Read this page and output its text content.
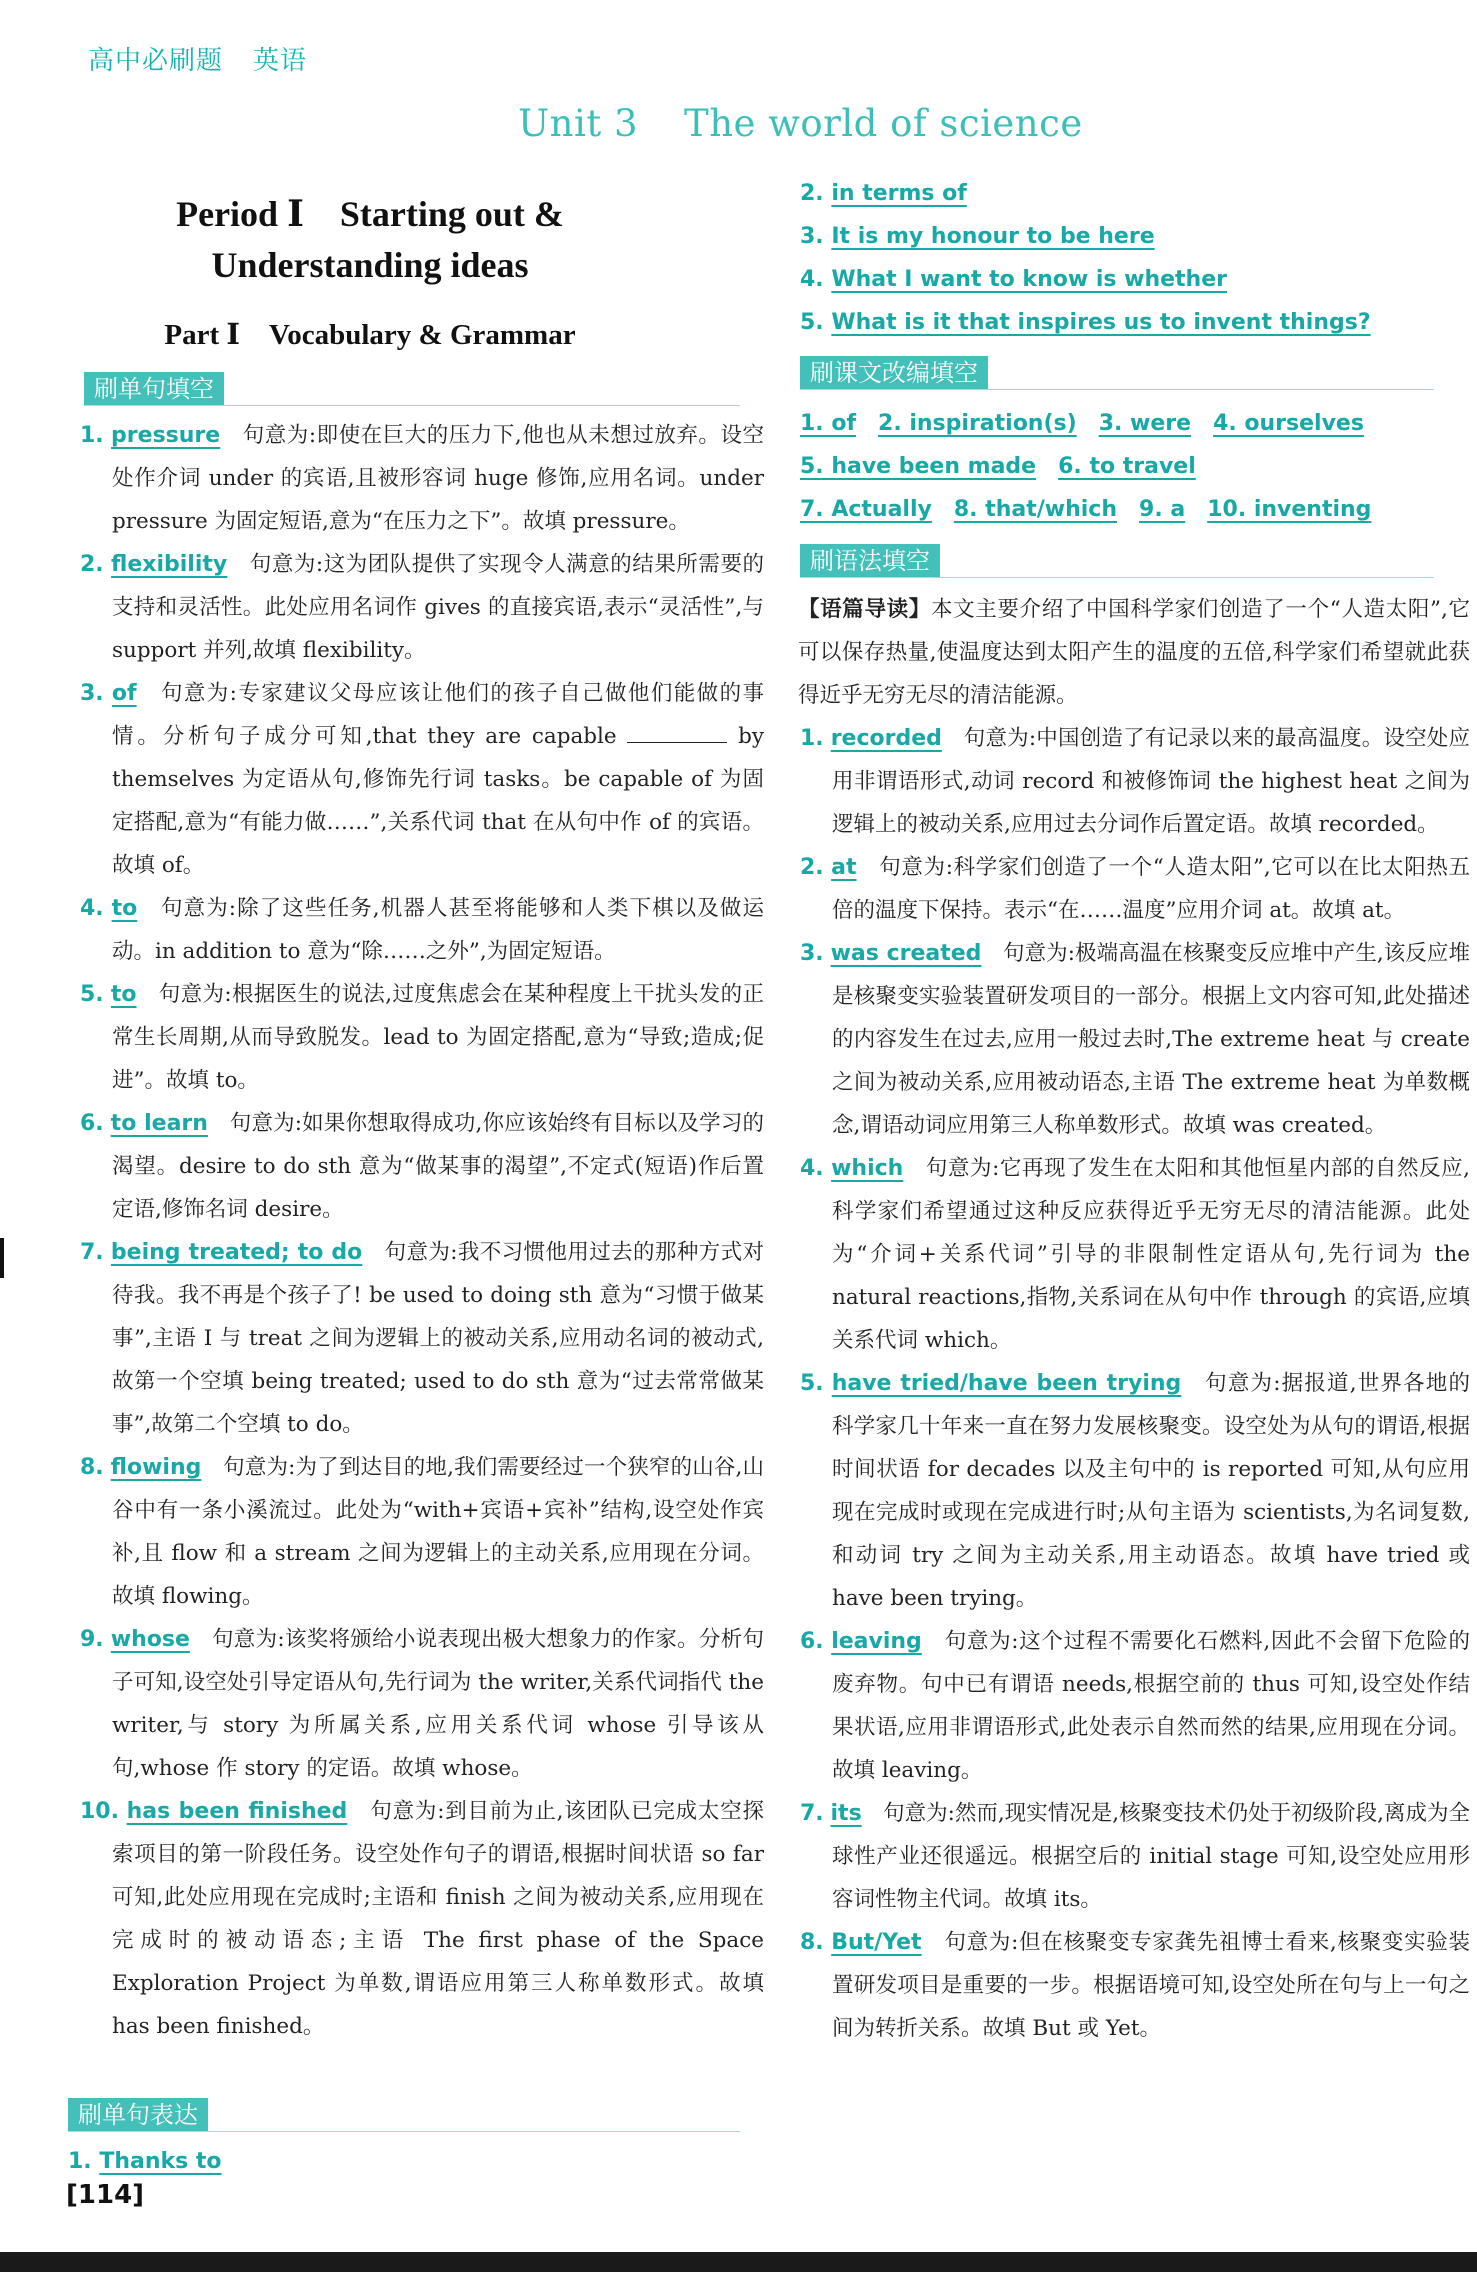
高中必刷题 英语
Unit 3 The world of science
Period Ⅰ　Starting out &
Understanding ideas
Part Ⅰ　Vocabulary & Grammar
刷单句填空

1. pressure　句意为:即使在巨大的压力下,他也从未想过放弃。设空处作介词 under 的宾语,且被形容词 huge 修饰,应用名词。under pressure 为固定短语,意为“在压力之下”。故填 pressure。

2. flexibility　句意为:这为团队提供了实现令人满意的结果所需要的支持和灵活性。此处应用名词作 gives 的直接宾语,表示“灵活性”,与 support 并列,故填 flexibility。

3. of　句意为:专家建议父母应该让他们的孩子自己做他们能做的事情。分析句子成分可知,that they are capable	by themselves 为定语从句,修饰先行词 tasks。be capable of 为固定搭配,意为“有能力做……”,关系代词 that 在从句中作 of 的宾语。故填 of。

4. to　句意为:除了这些任务,机器人甚至将能够和人类下棋以及做运动。in addition to 意为“除……之外”,为固定短语。

5. to　句意为:根据医生的说法,过度焦虑会在某种程度上干扰头发的正常生长周期,从而导致脱发。lead to 为固定搭配,意为“导致;造成;促进”。故填 to。

6. to learn　句意为:如果你想取得成功,你应该始终有目标以及学习的渴望。desire to do sth 意为“做某事的渴望”,不定式(短语)作后置定语,修饰名词 desire。

7. being treated; to do　句意为:我不习惯他用过去的那种方式对待我。我不再是个孩子了! be used to doing sth 意为“习惯于做某事”,主语 I 与 treat 之间为逻辑上的被动关系,应用动名词的被动式,故第一个空填 being treated; used to do sth 意为“过去常常做某事”,故第二个空填 to do。

8. flowing　句意为:为了到达目的地,我们需要经过一个狭窄的山谷,山谷中有一条小溪流过。此处为“with+宾语+宾补”结构,设空处作宾补,且 flow 和 a stream 之间为逻辑上的主动关系,应用现在分词。故填 flowing。

9. whose　句意为:该奖将颁给小说表现出极大想象力的作家。分析句子可知,设空处引导定语从句,先行词为 the writer,关系代词指代 the writer,与 story 为所属关系,应用关系代词 whose 引导该从句,whose 作 story 的定语。故填 whose。

10. has been finished　句意为:到目前为止,该团队已完成太空探索项目的第一阶段任务。设空处作句子的谓语,根据时间状语 so far 可知,此处应用现在完成时;主语和 finish 之间为被动关系,应用现在完成时的被动语态;主语 The first phase of the Space Exploration Project 为单数,谓语应用第三人称单数形式。故填 has been finished。

刷单句表达
1. Thanks to
2. in terms of
3. It is my honour to be here
4. What I want to know is whether
5. What is it that inspires us to invent things?
刷课文改编填空
1. of　 2. inspiration(s)　 3. were　 4. ourselves
5. have been made　 6. to travel
7. Actually　 8. that/which　 9. a　 10. inventing
刷语法填空

【语篇导读】本文主要介绍了中国科学家们创造了一个“人造太阳”,它可以保存热量,使温度达到太阳产生的温度的五倍,科学家们希望就此获得近乎无穷无尽的清洁能源。

1. recorded　句意为:中国创造了有记录以来的最高温度。设空处应用非谓语形式,动词 record 和被修饰词 the highest heat 之间为逻辑上的被动关系,应用过去分词作后置定语。故填 recorded。

2. at　句意为:科学家们创造了一个“人造太阳”,它可以在比太阳热五倍的温度下保持。表示“在……温度”应用介词 at。故填 at。

3. was created　句意为:极端高温在核聚变反应堆中产生,该反应堆是核聚变实验装置研发项目的一部分。根据上文内容可知,此处描述的内容发生在过去,应用一般过去时,The extreme heat 与 create 之间为被动关系,应用被动语态,主语 The extreme heat 为单数概念,谓语动词应用第三人称单数形式。故填 was created。

4. which　句意为:它再现了发生在太阳和其他恒星内部的自然反应,科学家们希望通过这种反应获得近乎无穷无尽的清洁能源。此处为“介词+关系代词”引导的非限制性定语从句,先行词为 the natural reactions,指物,关系词在从句中作 through 的宾语,应填关系代词 which。

5. have tried/have been trying　句意为:据报道,世界各地的科学家几十年来一直在努力发展核聚变。设空处为从句的谓语,根据时间状语 for decades 以及主句中的 is reported 可知,从句应用现在完成时或现在完成进行时;从句主语为 scientists,为名词复数,和动词 try 之间为主动关系,用主动语态。故填 have tried 或 have been trying。

6. leaving　句意为:这个过程不需要化石燃料,因此不会留下危险的废弃物。句中已有谓语 needs,根据空前的 thus 可知,设空处作结果状语,应用非谓语形式,此处表示自然而然的结果,应用现在分词。故填 leaving。

7. its　句意为:然而,现实情况是,核聚变技术仍处于初级阶段,离成为全球性产业还很遥远。根据空后的 initial stage 可知,设空处应用形容词性物主代词。故填 its。

8. But/Yet　句意为:但在核聚变专家龚先祖博士看来,核聚变实验装置研发项目是重要的一步。根据语境可知,设空处所在句与上一句之间为转折关系。故填 But 或 Yet。

[114]
